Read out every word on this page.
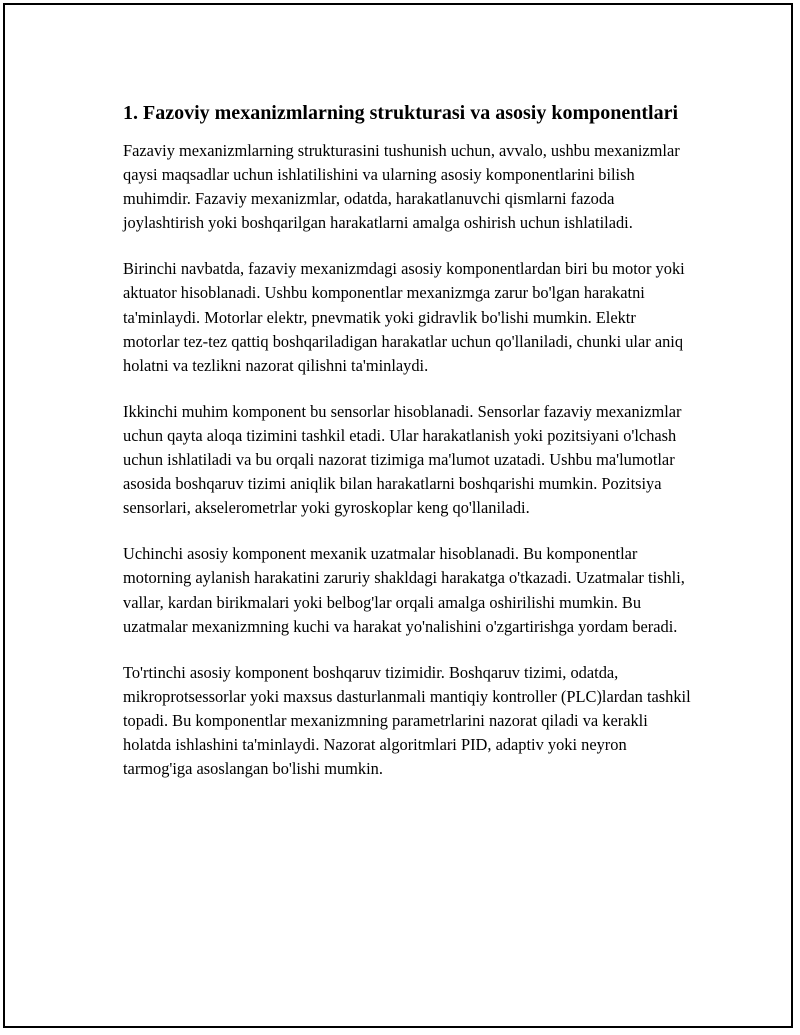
1. Fazoviy mexanizmlarning strukturasi va asosiy komponentlari

Fazaviy mexanizmlarning strukturasini tushunish uchun, avvalo, ushbu mexanizmlar qaysi maqsadlar uchun ishlatilishini va ularning asosiy komponentlarini bilish muhimdir. Fazaviy mexanizmlar, odatda, harakatlanuvchi qismlarni fazoda joylashtirish yoki boshqarilgan harakatlarni amalga oshirish uchun ishlatiladi.

Birinchi navbatda, fazaviy mexanizmdagi asosiy komponentlardan biri bu motor yoki aktuator hisoblanadi. Ushbu komponentlar mexanizmga zarur bo'lgan harakatni ta'minlaydi. Motorlar elektr, pnevmatik yoki gidravlik bo'lishi mumkin. Elektr motorlar tez-tez qattiq boshqariladigan harakatlar uchun qo'llaniladi, chunki ular aniq holatni va tezlikni nazorat qilishni ta'minlaydi.

Ikkinchi muhim komponent bu sensorlar hisoblanadi. Sensorlar fazaviy mexanizmlar uchun qayta aloqa tizimini tashkil etadi. Ular harakatlanish yoki pozitsiyani o'lchash uchun ishlatiladi va bu orqali nazorat tizimiga ma'lumot uzatadi. Ushbu ma'lumotlar asosida boshqaruv tizimi aniqlik bilan harakatlarni boshqarishi mumkin. Pozitsiya sensorlari, akselerometrlar yoki gyroskoplar keng qo'llaniladi.

Uchinchi asosiy komponent mexanik uzatmalar hisoblanadi. Bu komponentlar motorning aylanish harakatini zaruriy shakldagi harakatga o'tkazadi. Uzatmalar tishli, vallar, kardan birikmalari yoki belbog'lar orqali amalga oshirilishi mumkin. Bu uzatmalar mexanizmning kuchi va harakat yo'nalishini o'zgartirishga yordam beradi.

To'rtinchi asosiy komponent boshqaruv tizimidir. Boshqaruv tizimi, odatda, mikroprotsessorlar yoki maxsus dasturlanmali mantiqiy kontroller (PLC)lardan tashkil topadi. Bu komponentlar mexanizmning parametrlarini nazorat qiladi va kerakli holatda ishlashini ta'minlaydi. Nazorat algoritmlari PID, adaptiv yoki neyron tarmog'iga asoslangan bo'lishi mumkin.
